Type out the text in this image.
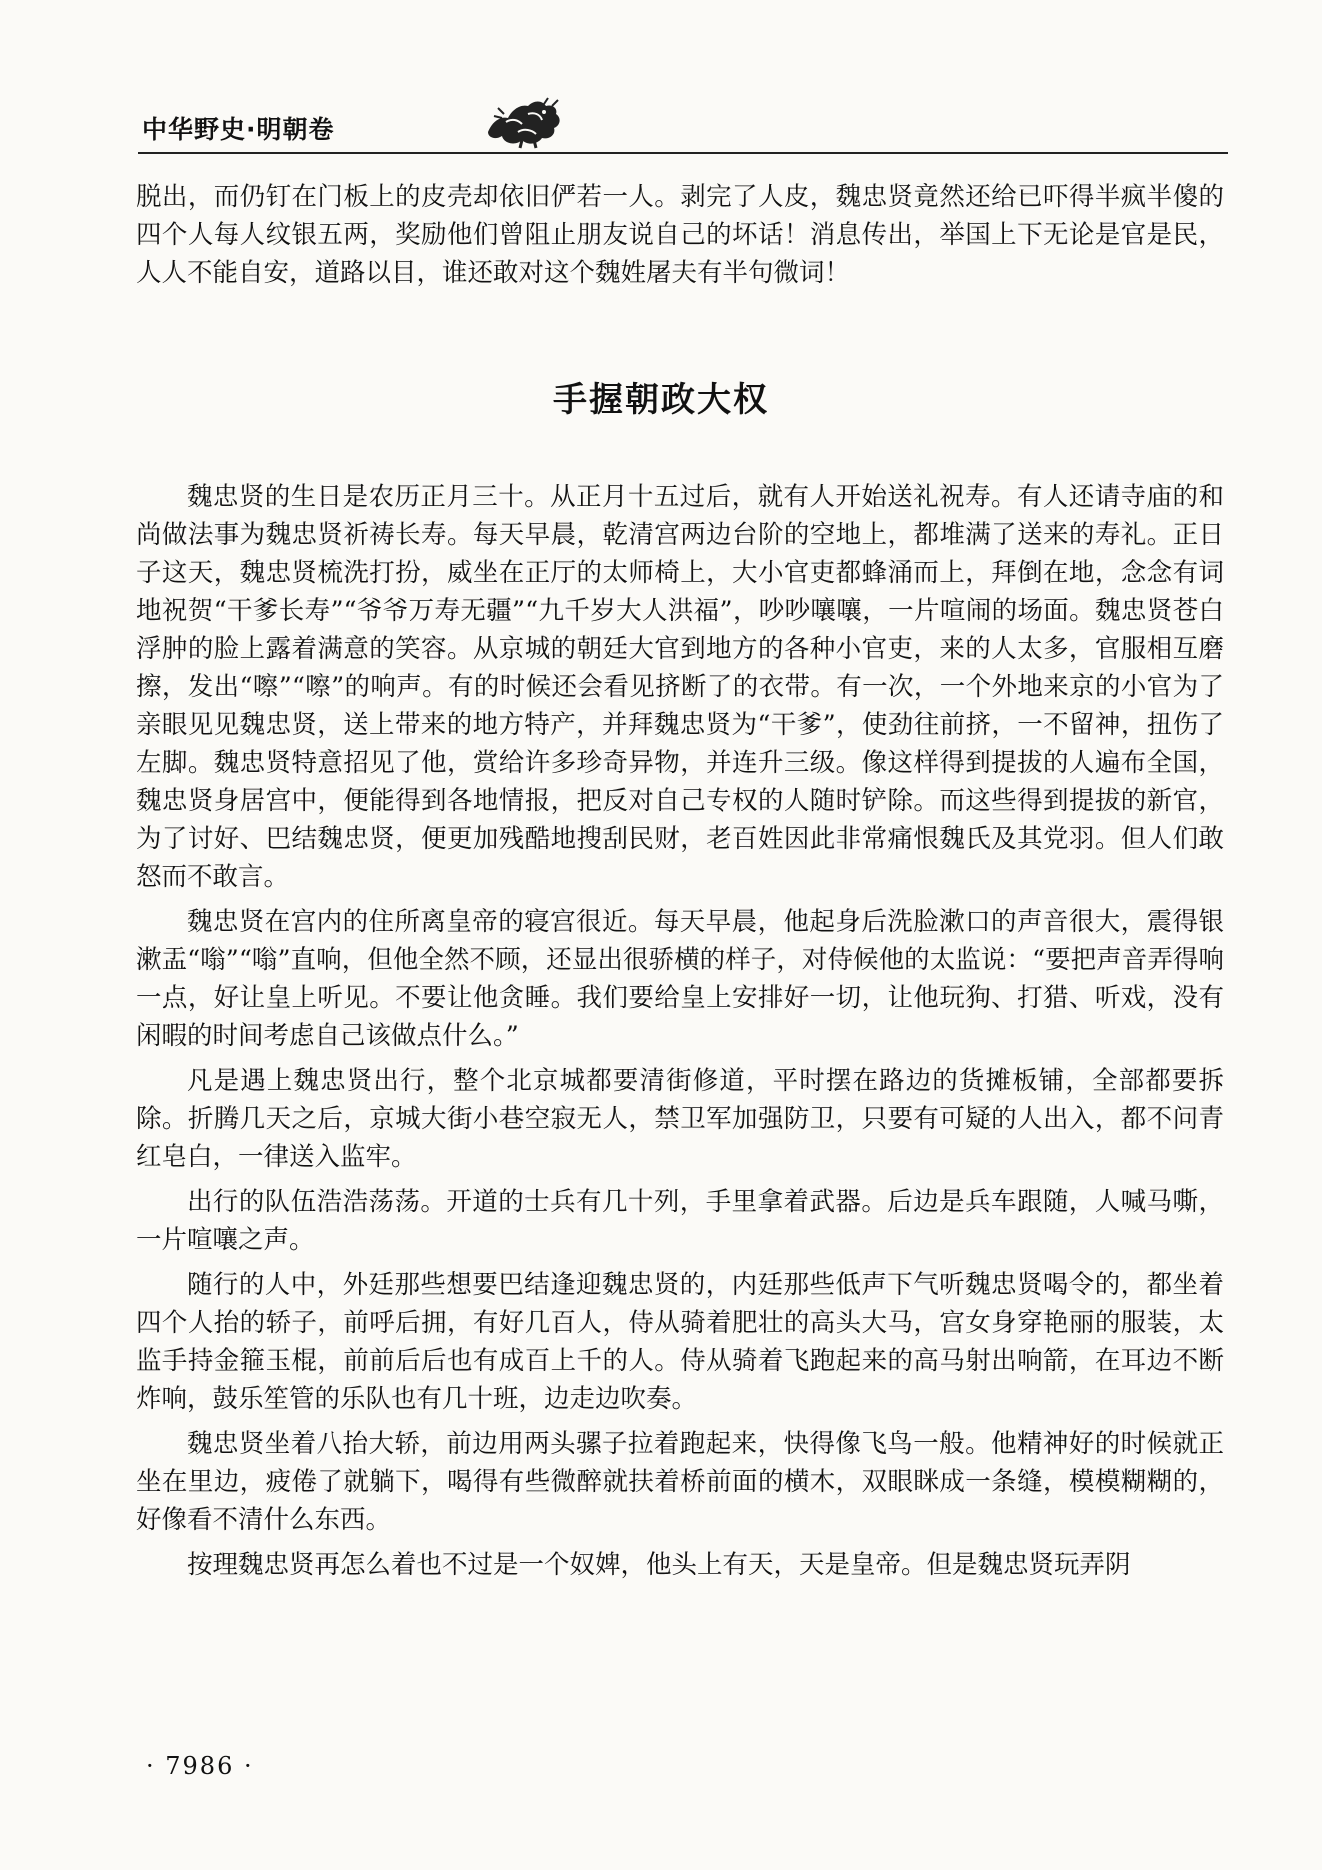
中华野史·明朝卷

脱出，而仍钉在门板上的皮壳却依旧俨若一人。剥完了人皮，魏忠贤竟然还给已吓得半疯半傻的四个人每人纹银五两，奖励他们曾阻止朋友说自己的坏话！消息传出，举国上下无论是官是民，人人不能自安，道路以目，谁还敢对这个魏姓屠夫有半句微词！

手握朝政大权

魏忠贤的生日是农历正月三十。从正月十五过后，就有人开始送礼祝寿。有人还请寺庙的和尚做法事为魏忠贤祈祷长寿。每天早晨，乾清宫两边台阶的空地上，都堆满了送来的寿礼。正日子这天，魏忠贤梳洗打扮，威坐在正厅的太师椅上，大小官吏都蜂涌而上，拜倒在地，念念有词地祝贺“干爹长寿”“爷爷万寿无疆”“九千岁大人洪福”，吵吵嚷嚷，一片喧闹的场面。魏忠贤苍白浮肿的脸上露着满意的笑容。从京城的朝廷大官到地方的各种小官吏，来的人太多，官服相互磨擦，发出“嚓”“嚓”的响声。有的时候还会看见挤断了的衣带。有一次，一个外地来京的小官为了亲眼见见魏忠贤，送上带来的地方特产，并拜魏忠贤为“干爹”，使劲往前挤，一不留神，扭伤了左脚。魏忠贤特意招见了他，赏给许多珍奇异物，并连升三级。像这样得到提拔的人遍布全国，魏忠贤身居宫中，便能得到各地情报，把反对自己专权的人随时铲除。而这些得到提拔的新官，为了讨好、巴结魏忠贤，便更加残酷地搜刮民财，老百姓因此非常痛恨魏氏及其党羽。但人们敢怒而不敢言。

魏忠贤在宫内的住所离皇帝的寝宫很近。每天早晨，他起身后洗脸漱口的声音很大，震得银漱盂“嗡”“嗡”直响，但他全然不顾，还显出很骄横的样子，对侍候他的太监说：“要把声音弄得响一点，好让皇上听见。不要让他贪睡。我们要给皇上安排好一切，让他玩狗、打猎、听戏，没有闲暇的时间考虑自己该做点什么。”

凡是遇上魏忠贤出行，整个北京城都要清街修道，平时摆在路边的货摊板铺，全部都要拆除。折腾几天之后，京城大街小巷空寂无人，禁卫军加强防卫，只要有可疑的人出入，都不问青红皂白，一律送入监牢。

出行的队伍浩浩荡荡。开道的士兵有几十列，手里拿着武器。后边是兵车跟随，人喊马嘶，一片喧嚷之声。

随行的人中，外廷那些想要巴结逢迎魏忠贤的，内廷那些低声下气听魏忠贤喝令的，都坐着四个人抬的轿子，前呼后拥，有好几百人，侍从骑着肥壮的高头大马，宫女身穿艳丽的服装，太监手持金箍玉棍，前前后后也有成百上千的人。侍从骑着飞跑起来的高马射出响箭，在耳边不断炸响，鼓乐笙管的乐队也有几十班，边走边吹奏。

魏忠贤坐着八抬大轿，前边用两头骡子拉着跑起来，快得像飞鸟一般。他精神好的时候就正坐在里边，疲倦了就躺下，喝得有些微醉就扶着桥前面的横木，双眼眯成一条缝，模模糊糊的，好像看不清什么东西。

按理魏忠贤再怎么着也不过是一个奴婢，他头上有天，天是皇帝。但是魏忠贤玩弄阴

· 7986 ·
